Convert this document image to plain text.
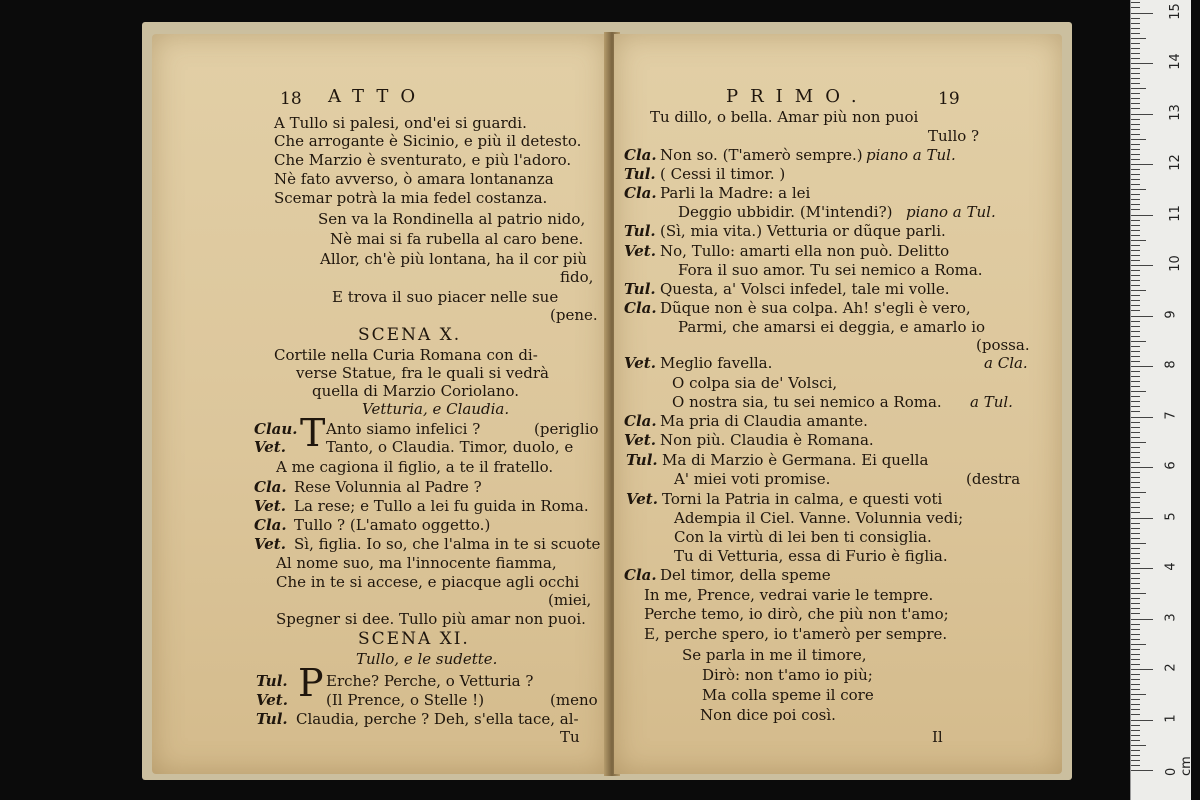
18 ATTO
A Tullo si palesi, ond'ei si guardi.
Che arrogante è Sicinio, e più il detesto.
Che Marzio è sventurato, e più l'adoro.
Nè fato avverso, ò amara lontananza
Scemar potrà la mia fedel costanza.
Sen va la Rondinella al patrio nido,
Nè mai si fa rubella al caro bene.
Allor, ch'è più lontana, ha il cor più
fido,
E trova il suo piacer nelle sue
(pene.
SCENA X.
Cortile nella Curia Romana con di-
verse Statue, fra le quali si vedrà
quella di Marzio Coriolano.
Vetturia, e Claudia.
Clau. T Anto siamo infelici ?	(periglio
Vet.	Tanto, o Claudia. Timor, duolo, e
A me cagiona il figlio, a te il fratello.
Cla. Rese Volunnia al Padre ?
Vet. La rese; e Tullo a lei fu guida in Roma.
Cla. Tullo ? (L'amato oggetto.)
Vet. Sì, figlia. Io so, che l'alma in te si scuote
Al nome suo, ma l'innocente fiamma,
Che in te si accese, e piacque agli occhi
(miei,
Spegner si dee. Tullo più amar non puoi.
SCENA XI.
Tullo, e le sudette.
Tul. P Erche? Perche, o Vetturia ?
Vet.	(Il Prence, o Stelle !)	(meno
Tul. Claudia, perche ? Deh, s'ella tace, al-
Tu
PRIMO.	19
Tu dillo, o bella. Amar più non puoi
Tullo ?
Cla. Non so. (T'amerò sempre.) piano a Tul.
Tul. ( Cessi il timor. )
Cla. Parli la Madre: a lei
Deggio ubbidir. (M'intendi?) piano a Tul.
Tul. (Sì, mia vita.) Vetturia or dũque parli.
Vet. No, Tullo: amarti ella non può. Delitto
Fora il suo amor. Tu sei nemico a Roma.
Tul. Questa, a' Volsci infedel, tale mi volle.
Cla. Dũque non è sua colpa. Ah! s'egli è vero,
Parmi, che amarsi ei deggia, e amarlo io
(possa.
Vet. Meglio favella.	a Cla.
O colpa sia de' Volsci,
O nostra sia, tu sei nemico a Roma. a Tul.
Cla. Ma pria di Claudia amante.
Vet. Non più. Claudia è Romana.
Tul. Ma di Marzio è Germana. Ei quella
A' miei voti promise.	(destra
Vet. Torni la Patria in calma, e questi voti
Adempia il Ciel. Vanne. Volunnia vedi;
Con la virtù di lei ben ti consiglia.
Tu di Vetturia, essa di Furio è figlia.
Cla. Del timor, della speme
In me, Prence, vedrai varie le tempre.
Perche temo, io dirò, che più non t'amo;
E, perche spero, io t'amerò per sempre.
Se parla in me il timore,
Dirò: non t'amo io più;
Ma colla speme il core
Non dice poi così.
Il
0 cm
1
2
3
4
5
6
7
8
9
10
11
12
13
14
15
